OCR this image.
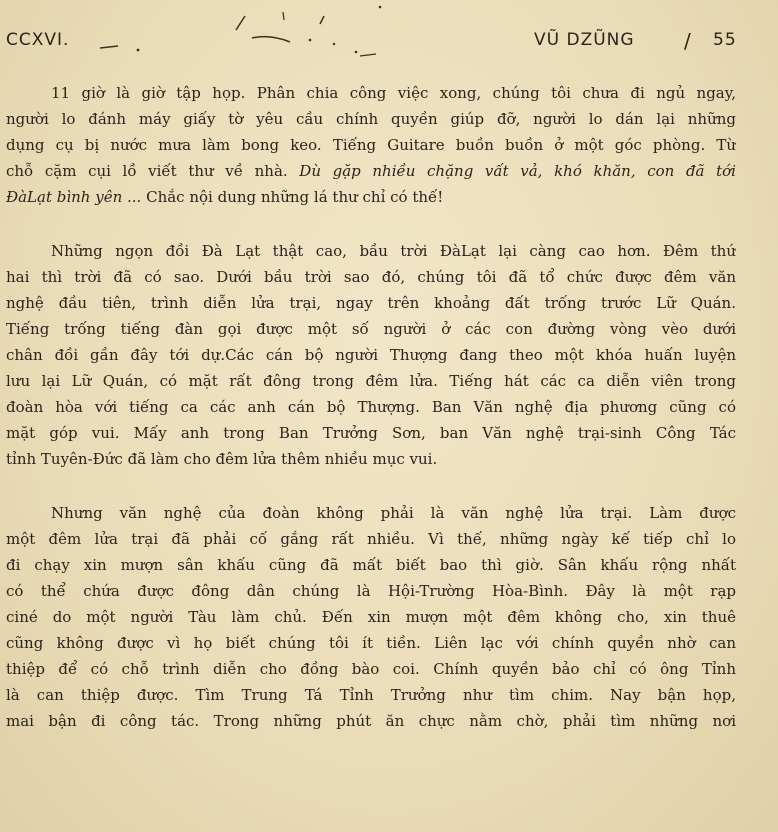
CCXVI.	VŨ DZŨNG / 55
11 giờ là giờ tập họp. Phân chia công việc xong, chúng tôi chưa đi ngủ ngay,
người lo đánh máy giấy tờ yêu cầu chính quyền giúp đỡ, người lo dán lại những
dụng cụ bị nước mưa làm bong keo. Tiếng Guitare buồn buồn ở một góc phòng. Từ
chỗ cặm cụi lồ viết thư về nhà. Dù gặp nhiều chặng vất vả, khó khăn, con đã tới
ĐàLạt bình yên ... Chắc nội dung những lá thư chỉ có thế!
Những ngọn đồi Đà Lạt thật cao, bầu trời ĐàLạt lại càng cao hơn. Đêm thứ
hai thì trời đã có sao. Dưới bầu trời sao đó, chúng tôi đã tổ chức được đêm văn
nghệ đầu tiên, trình diễn lửa trại, ngay trên khoảng đất trống trước Lữ Quán.
Tiếng trống tiếng đàn gọi được một số người ở các con đường vòng vèo dưới
chân đồi gần đây tới dự.Các cán bộ người Thượng đang theo một khóa huấn luyện
lưu lại Lữ Quán, có mặt rất đông trong đêm lửa. Tiếng hát các ca diễn viên trong
đoàn hòa với tiếng ca các anh cán bộ Thượng. Ban Văn nghệ địa phương cũng có
mặt góp vui. Mấy anh trong Ban Trưởng Sơn, ban Văn nghệ trại-sinh Công Tác
tỉnh Tuyên-Đức đã làm cho đêm lửa thêm nhiều mục vui.
Nhưng văn nghệ của đoàn không phải là văn nghệ lửa trại. Làm được
một đêm lửa trại đã phải cố gắng rất nhiều. Vì thế, những ngày kế tiếp chỉ lo
đi chạy xin mượn sân khấu cũng đã mất biết bao thì giờ. Sân khấu rộng nhất
có thể chứa được đông dân chúng là Hội-Trường Hòa-Bình. Đây là một rạp
ciné do một người Tàu làm chủ. Đến xin mượn một đêm không cho, xin thuê
cũng không được vì họ biết chúng tôi ít tiền. Liên lạc với chính quyền nhờ can
thiệp để có chỗ trình diễn cho đồng bào coi. Chính quyền bảo chỉ có ông Tỉnh
là can thiệp được. Tìm Trung Tá Tỉnh Trưởng như tìm chim. Nay bận họp,
mai bận đi công tác. Trong những phút ăn chực nằm chờ, phải tìm những nơi
